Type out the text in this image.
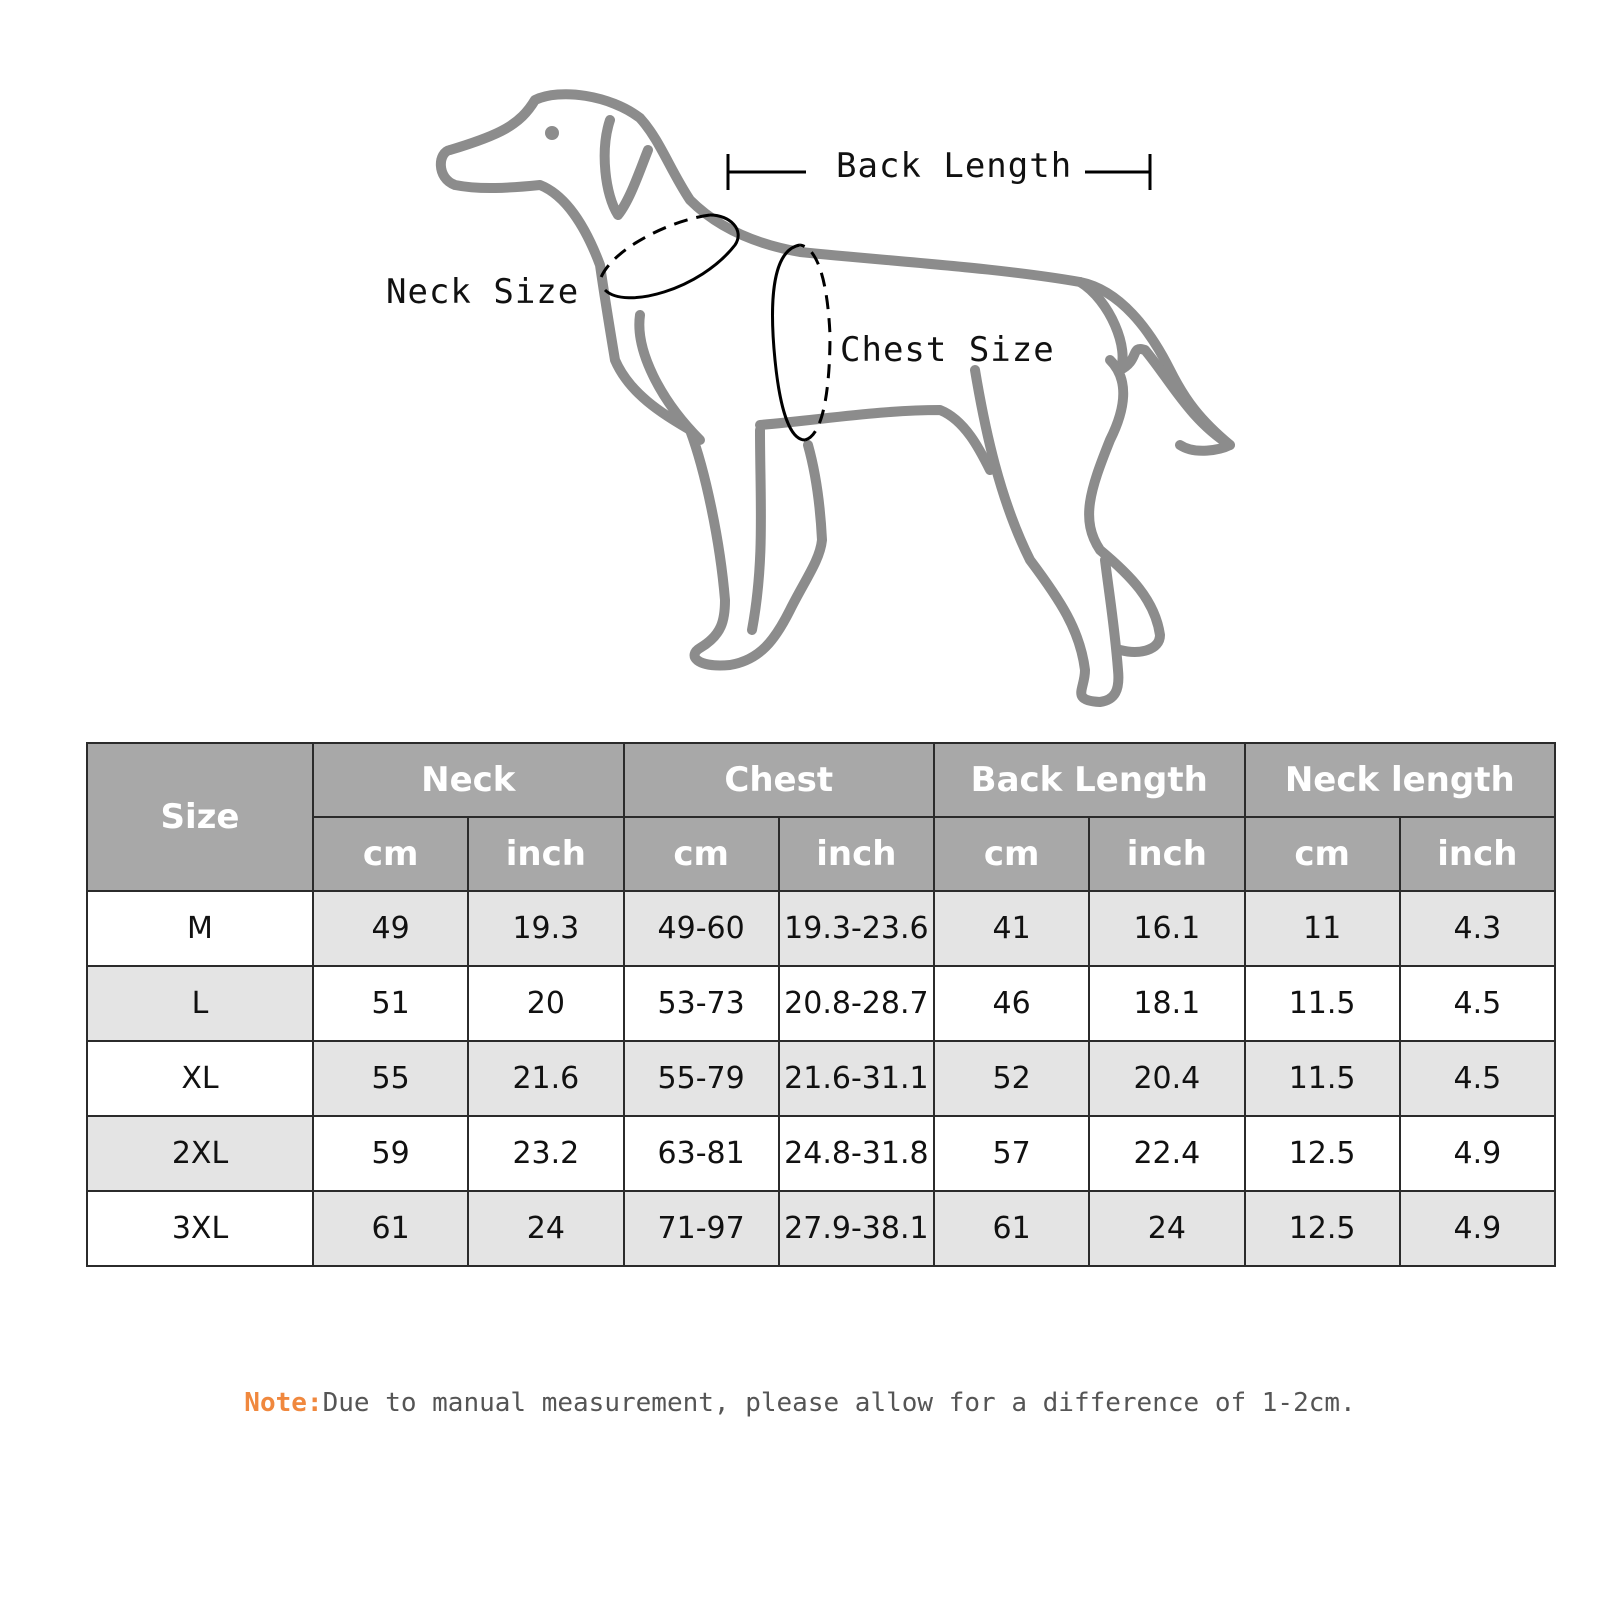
Back Length
Neck Size
Chest Size
Size	Neck		Chest		Back Length		Neck length	
	cm	inch	cm	inch	cm	inch	cm	inch
M	49	19.3	49-60	19.3-23.6	41	16.1	11	4.3
L	51	20	53-73	20.8-28.7	46	18.1	11.5	4.5
XL	55	21.6	55-79	21.6-31.1	52	20.4	11.5	4.5
2XL	59	23.2	63-81	24.8-31.8	57	22.4	12.5	4.9
3XL	61	24	71-97	27.9-38.1	61	24	12.5	4.9
Note:Due to manual measurement, please allow for a difference of 1-2cm.
